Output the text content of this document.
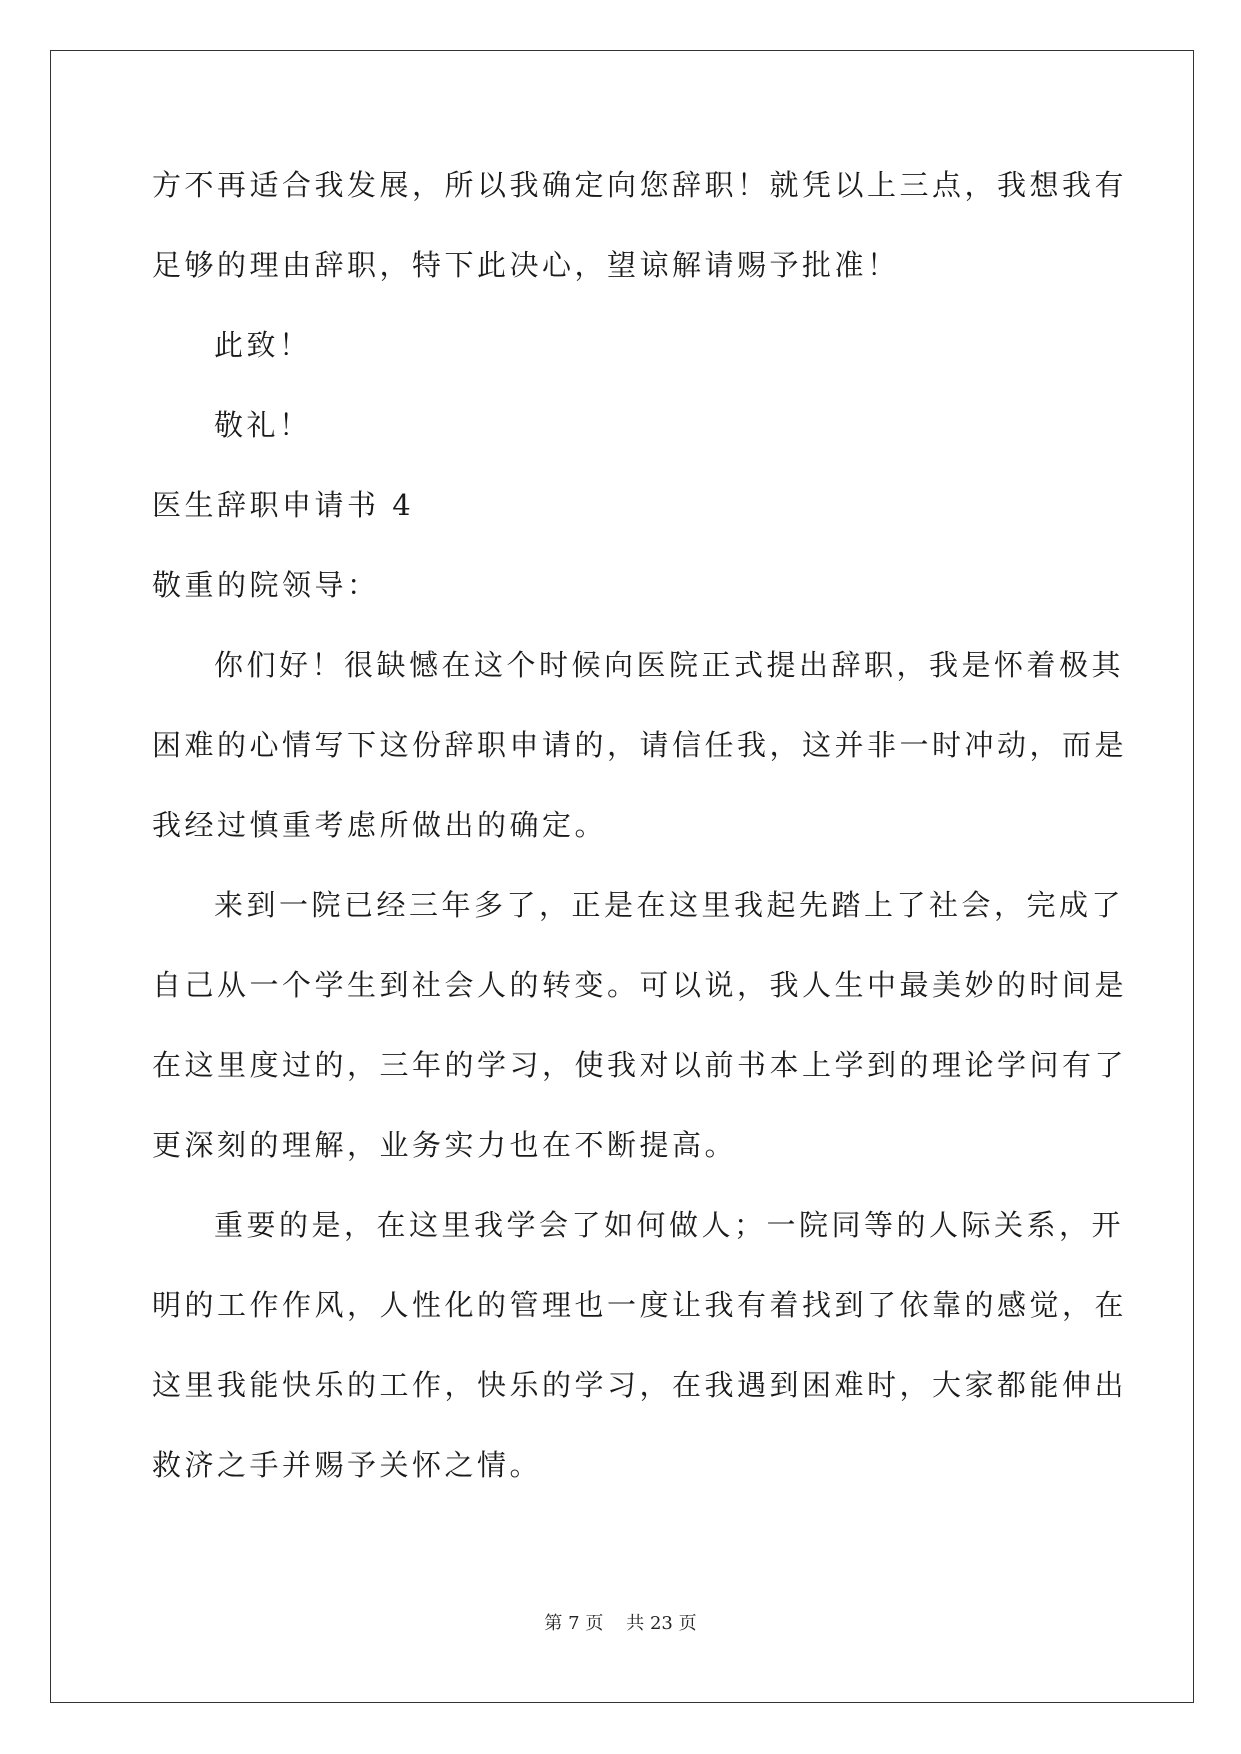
方不再适合我发展，所以我确定向您辞职！就凭以上三点，我想我有
足够的理由辞职，特下此决心，望谅解请赐予批准！
此致！
敬礼！
医生辞职申请书 4
敬重的院领导：
你们好！很缺憾在这个时候向医院正式提出辞职，我是怀着极其
困难的心情写下这份辞职申请的，请信任我，这并非一时冲动，而是
我经过慎重考虑所做出的确定。
来到一院已经三年多了，正是在这里我起先踏上了社会，完成了
自己从一个学生到社会人的转变。可以说，我人生中最美妙的时间是
在这里度过的，三年的学习，使我对以前书本上学到的理论学问有了
更深刻的理解，业务实力也在不断提高。
重要的是，在这里我学会了如何做人；一院同等的人际关系，开
明的工作作风，人性化的管理也一度让我有着找到了依靠的感觉，在
这里我能快乐的工作，快乐的学习，在我遇到困难时，大家都能伸出
救济之手并赐予关怀之情。
第 7 页 共 23 页
